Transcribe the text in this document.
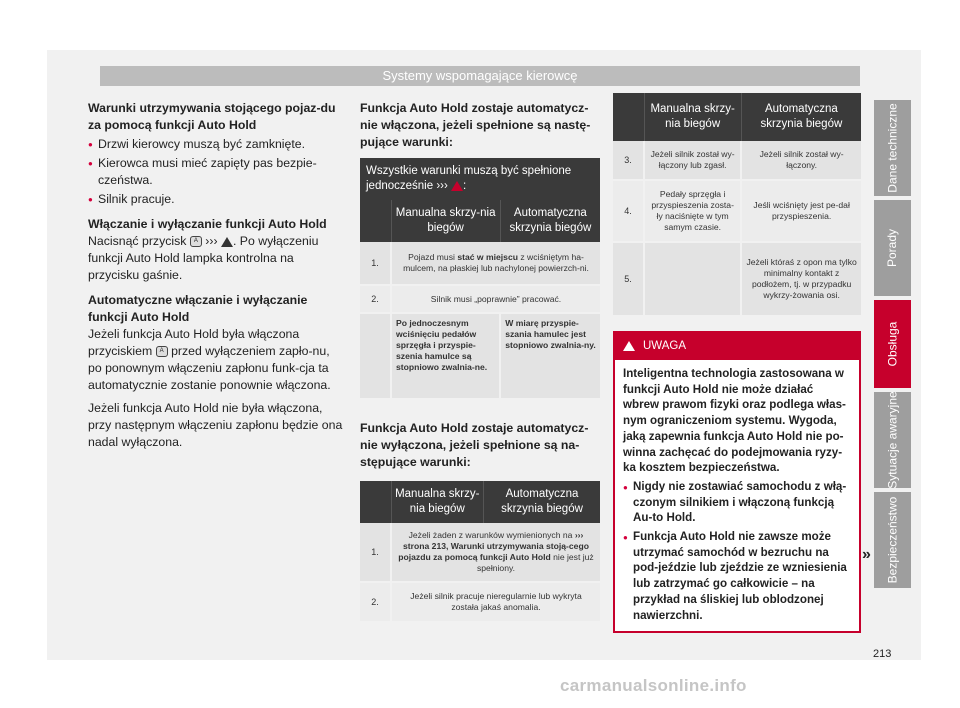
Systemy wspomagające kierowcę

Warunki utrzymywania stojącego pojaz-du za pomocą funkcji Auto Hold

● Drzwi kierowcy muszą być zamknięte.
● Kierowca musi mieć zapięty pas bezpie-czeństwa.
● Silnik pracuje.

Włączanie i wyłączanie funkcji Auto Hold

Nacisnąć przycisk A ››› . Po wyłączeniu funkcji Auto Hold lampka kontrolna na przycisku gaśnie.

Automatyczne włączanie i wyłączanie funkcji Auto Hold

Jeżeli funkcja Auto Hold była włączona przyciskiem A przed wyłączeniem zapło-nu, po ponownym włączeniu zapłonu funk-cja ta automatycznie zostanie ponownie włączona.

Jeżeli funkcja Auto Hold nie była włączona, przy następnym włączeniu zapłonu będzie ona nadal wyłączona.

Funkcja Auto Hold zostaje automatycz-nie włączona, jeżeli spełnione są nastę-pujące warunki:

Wszystkie warunki muszą być spełnione jednocześnie ››› :
	Manualna skrzy-nia biegów	Automatyczna skrzynia biegów
1.	Pojazd musi stać w miejscu z wciśniętym ha-mulcem, na płaskiej lub nachylonej powierzch-ni.	
2.	Silnik musi „poprawnie” pracować.	
	Po jednoczesnym wciśnięciu pedałów sprzęgła i przyspie-szenia hamulce są stopniowo zwalnia-ne.	W miarę przyspie-szania hamulec jest stopniowo zwalnia-ny.

Funkcja Auto Hold zostaje automatycz-nie wyłączona, jeżeli spełnione są na-stępujące warunki:

	Manualna skrzy-nia biegów	Automatyczna skrzynia biegów
1.	Jeżeli żaden z warunków wymienionych na ››› strona 213, Warunki utrzymywania stoją-cego pojazdu za pomocą funkcji Auto Hold nie jest już spełniony.	
2.	Jeżeli silnik pracuje nieregularnie lub wykryta została jakaś anomalia.	
	Manualna skrzy-nia biegów	Automatyczna skrzynia biegów
3.	Jeżeli silnik został wy-łączony lub zgasł.	Jeżeli silnik został wy-łączony.
4.	Pedały sprzęgła i przyspieszenia zosta-ły naciśnięte w tym samym czasie.	Jeśli wciśnięty jest pe-dał przyspieszenia.
5.		Jeżeli któraś z opon ma tylko minimalny kontakt z podłożem, tj. w przypadku wykrzy-żowania osi.
UWAGA

Inteligentna technologia zastosowana w funkcji Auto Hold nie może działać wbrew prawom fizyki oraz podlega włas-nym ograniczeniom systemu. Wygoda, jaką zapewnia funkcja Auto Hold nie po-winna zachęcać do podejmowania ryzy-ka kosztem bezpieczeństwa.

● Nigdy nie zostawiać samochodu z włą-czonym silnikiem i włączoną funkcją Au-to Hold.
● Funkcja Auto Hold nie zawsze może utrzymać samochód w bezruchu na pod-jeździe lub zjeździe ze wzniesienia lub zatrzymać go całkowicie – na przykład na śliskiej lub oblodzonej nawierzchni.
»
Dane techniczne
Porady
Obsługa
Sytuacje awaryjne
Bezpieczeństwo
213
carmanualsonline.info
